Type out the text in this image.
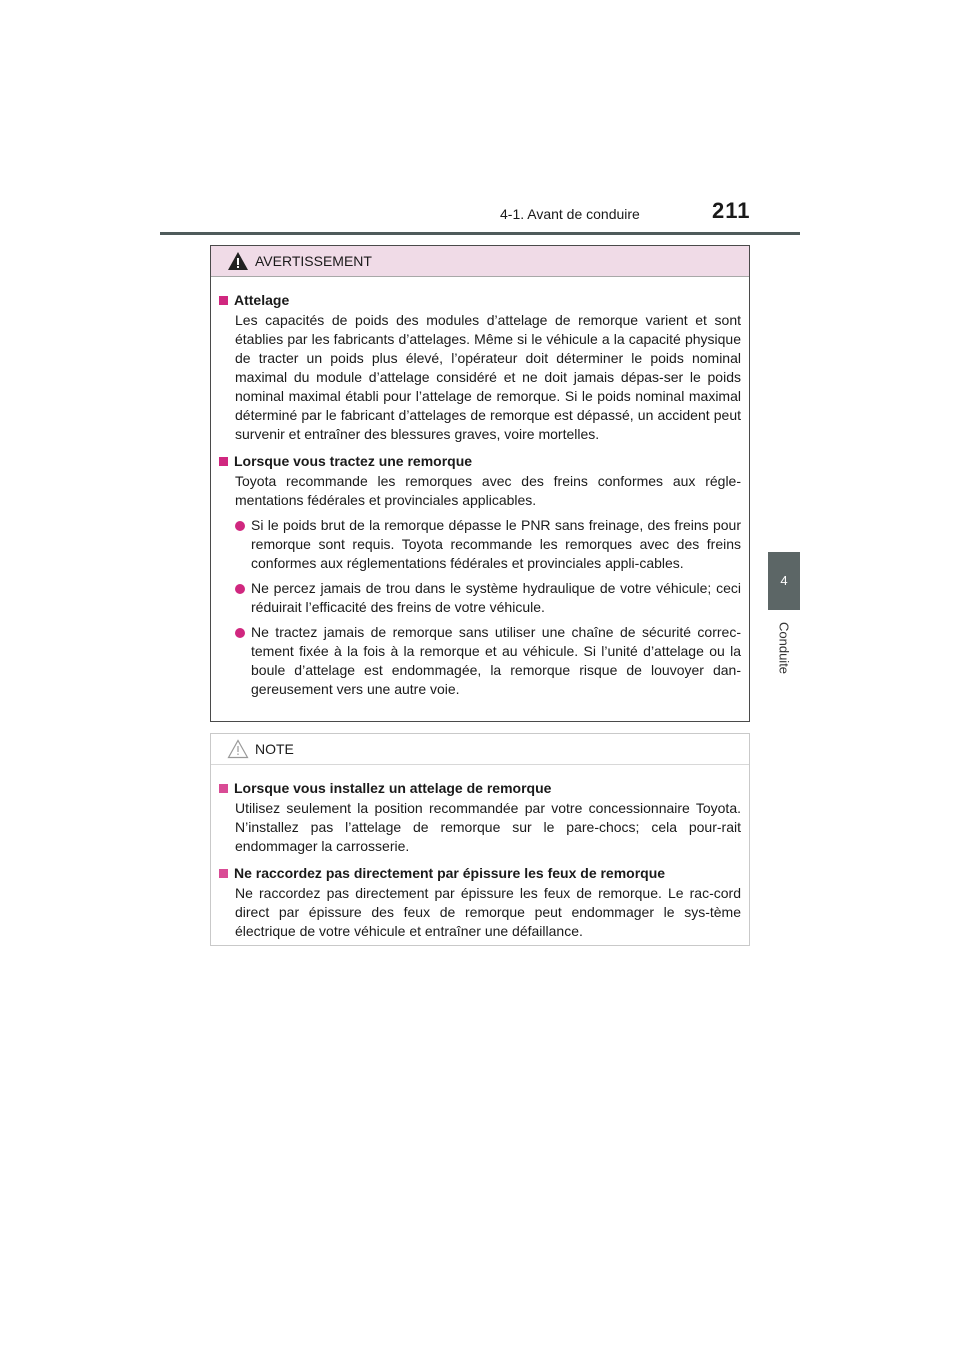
4-1. Avant de conduire	211
4
Conduite
AVERTISSEMENT
Attelage
Les capacités de poids des modules d’attelage de remorque varient et sont établies par les fabricants d’attelages. Même si le véhicule a la capacité physique de tracter un poids plus élevé, l’opérateur doit déterminer le poids nominal maximal du module d’attelage considéré et ne doit jamais dépas-ser le poids nominal maximal établi pour l’attelage de remorque. Si le poids nominal maximal déterminé par le fabricant d’attelages de remorque est dépassé, un accident peut survenir et entraîner des blessures graves, voire mortelles.
Lorsque vous tractez une remorque
Toyota recommande les remorques avec des freins conformes aux régle-mentations fédérales et provinciales applicables.
Si le poids brut de la remorque dépasse le PNR sans freinage, des freins pour remorque sont requis. Toyota recommande les remorques avec des freins conformes aux réglementations fédérales et provinciales appli-cables.
Ne percez jamais de trou dans le système hydraulique de votre véhicule; ceci réduirait l’efficacité des freins de votre véhicule.
Ne tractez jamais de remorque sans utiliser une chaîne de sécurité correc-tement fixée à la fois à la remorque et au véhicule. Si l’unité d’attelage ou la boule d’attelage est endommagée, la remorque risque de louvoyer dan-gereusement vers une autre voie.
NOTE
Lorsque vous installez un attelage de remorque
Utilisez seulement la position recommandée par votre concessionnaire Toyota. N’installez pas l’attelage de remorque sur le pare-chocs; cela pour-rait endommager la carrosserie.
Ne raccordez pas directement par épissure les feux de remorque
Ne raccordez pas directement par épissure les feux de remorque. Le rac-cord direct par épissure des feux de remorque peut endommager le sys-tème électrique de votre véhicule et entraîner une défaillance.
